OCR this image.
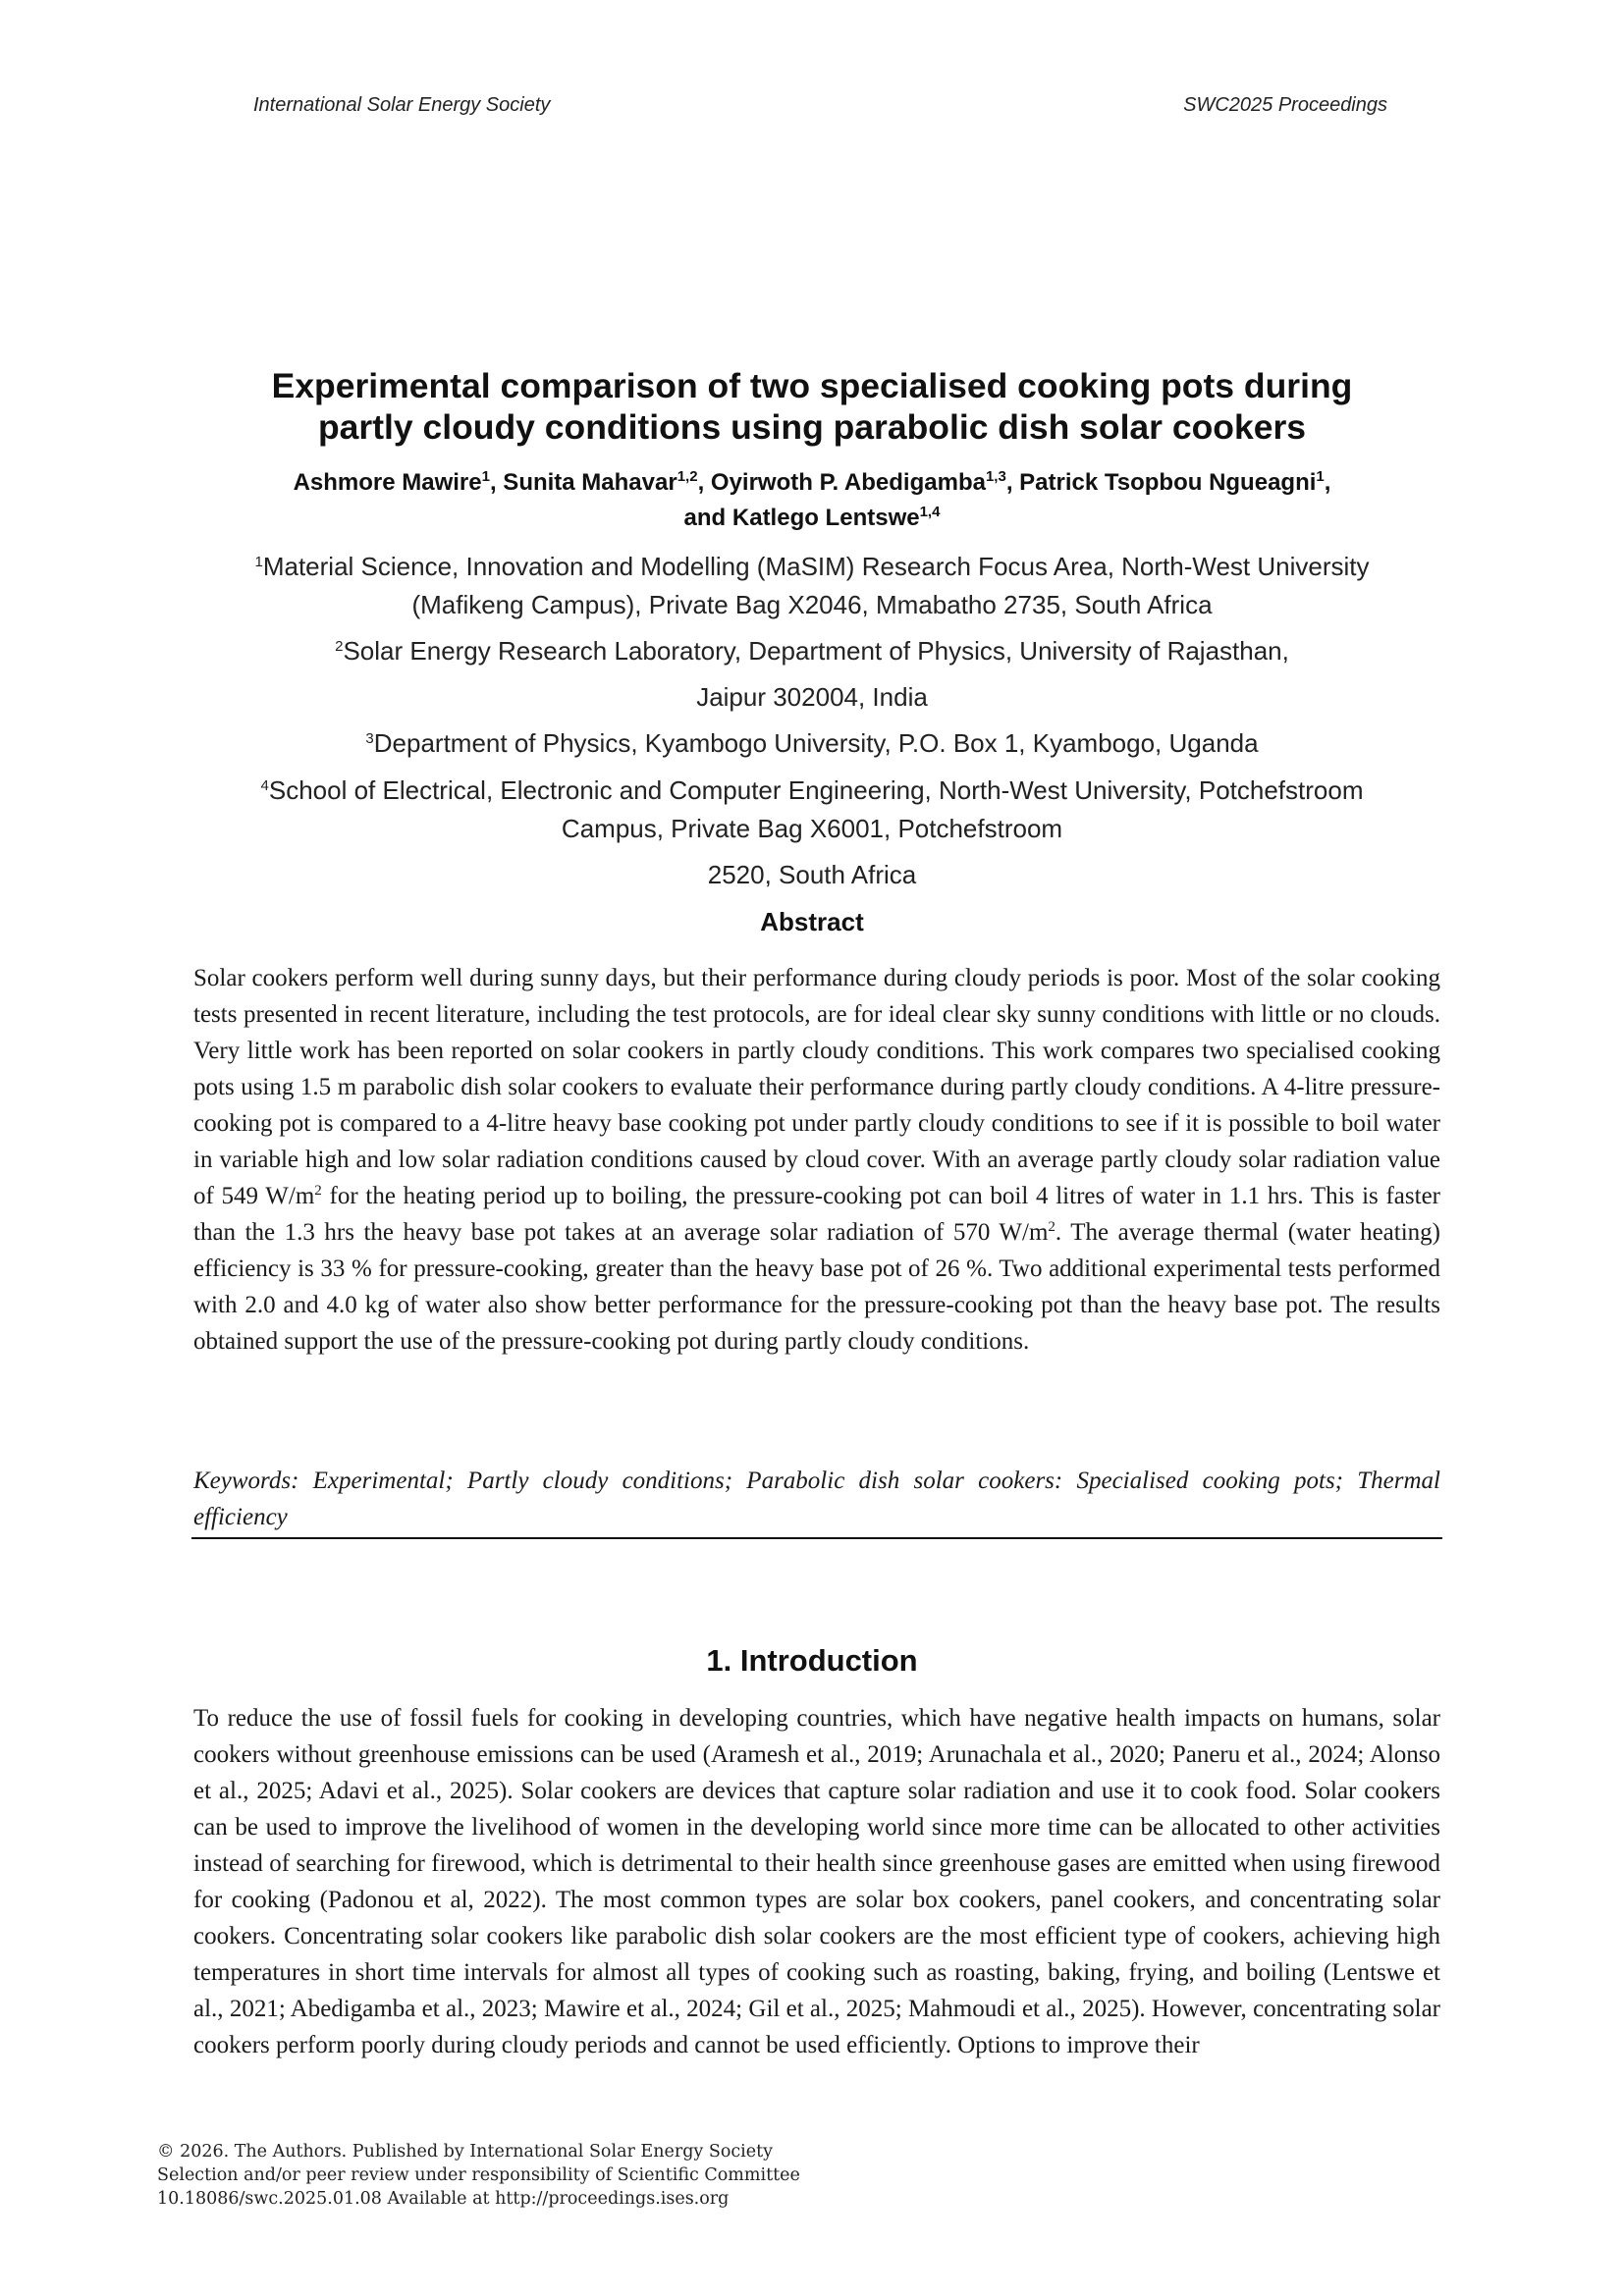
International Solar Energy Society	SWC2025 Proceedings
Experimental comparison of two specialised cooking pots during
partly cloudy conditions using parabolic dish solar cookers
Ashmore Mawire$^1$, Sunita Mahavar$^{1,2}$, Oyirwoth P. Abedigamba$^{1,3}$, Patrick Tsopbou Ngueagni$^1$,
and Katlego Lentswe$^{1,4}$
$^1$Material Science, Innovation and Modelling (MaSIM) Research Focus Area, North-West University
(Mafikeng Campus), Private Bag X2046, Mmabatho 2735, South Africa
$^2$Solar Energy Research Laboratory, Department of Physics, University of Rajasthan,
Jaipur 302004, India
$^3$Department of Physics, Kyambogo University, P.O. Box 1, Kyambogo, Uganda
$^4$School of Electrical, Electronic and Computer Engineering, North-West University, Potchefstroom
Campus, Private Bag X6001, Potchefstroom
2520, South Africa
Abstract
Solar cookers perform well during sunny days, but their performance during cloudy periods is poor. Most of the solar cooking tests presented in recent literature, including the test protocols, are for ideal clear sky sunny conditions with little or no clouds. Very little work has been reported on solar cookers in partly cloudy conditions. This work compares two specialised cooking pots using 1.5 m parabolic dish solar cookers to evaluate their performance during partly cloudy conditions. A 4-litre pressure-cooking pot is compared to a 4-litre heavy base cooking pot under partly cloudy conditions to see if it is possible to boil water in variable high and low solar radiation conditions caused by cloud cover. With an average partly cloudy solar radiation value of 549 $W/m^2$ for the heating period up to boiling, the pressure-cooking pot can boil 4 litres of water in 1.1 hrs. This is faster than the 1.3 hrs the heavy base pot takes at an average solar radiation of 570 $W/m^2$. The average thermal (water heating) efficiency is 33 % for pressure-cooking, greater than the heavy base pot of 26 %. Two additional experimental tests performed with 2.0 and 4.0 kg of water also show better performance for the pressure-cooking pot than the heavy base pot. The results obtained support the use of the pressure-cooking pot during partly cloudy conditions.
Keywords: Experimental; Partly cloudy conditions; Parabolic dish solar cookers: Specialised cooking pots; Thermal efficiency
1. Introduction
To reduce the use of fossil fuels for cooking in developing countries, which have negative health impacts on humans, solar cookers without greenhouse emissions can be used (Aramesh et al., 2019; Arunachala et al., 2020; Paneru et al., 2024; Alonso et al., 2025; Adavi et al., 2025). Solar cookers are devices that capture solar radiation and use it to cook food. Solar cookers can be used to improve the livelihood of women in the developing world since more time can be allocated to other activities instead of searching for firewood, which is detrimental to their health since greenhouse gases are emitted when using firewood for cooking (Padonou et al, 2022). The most common types are solar box cookers, panel cookers, and concentrating solar cookers. Concentrating solar cookers like parabolic dish solar cookers are the most efficient type of cookers, achieving high temperatures in short time intervals for almost all types of cooking such as roasting, baking, frying, and boiling (Lentswe et al., 2021; Abedigamba et al., 2023; Mawire et al., 2024; Gil et al., 2025; Mahmoudi et al., 2025). However, concentrating solar cookers perform poorly during cloudy periods and cannot be used efficiently. Options to improve their
© 2026. The Authors. Published by International Solar Energy Society
Selection and/or peer review under responsibility of Scientific Committee
10.18086/swc.2025.01.08 Available at http://proceedings.ises.org
